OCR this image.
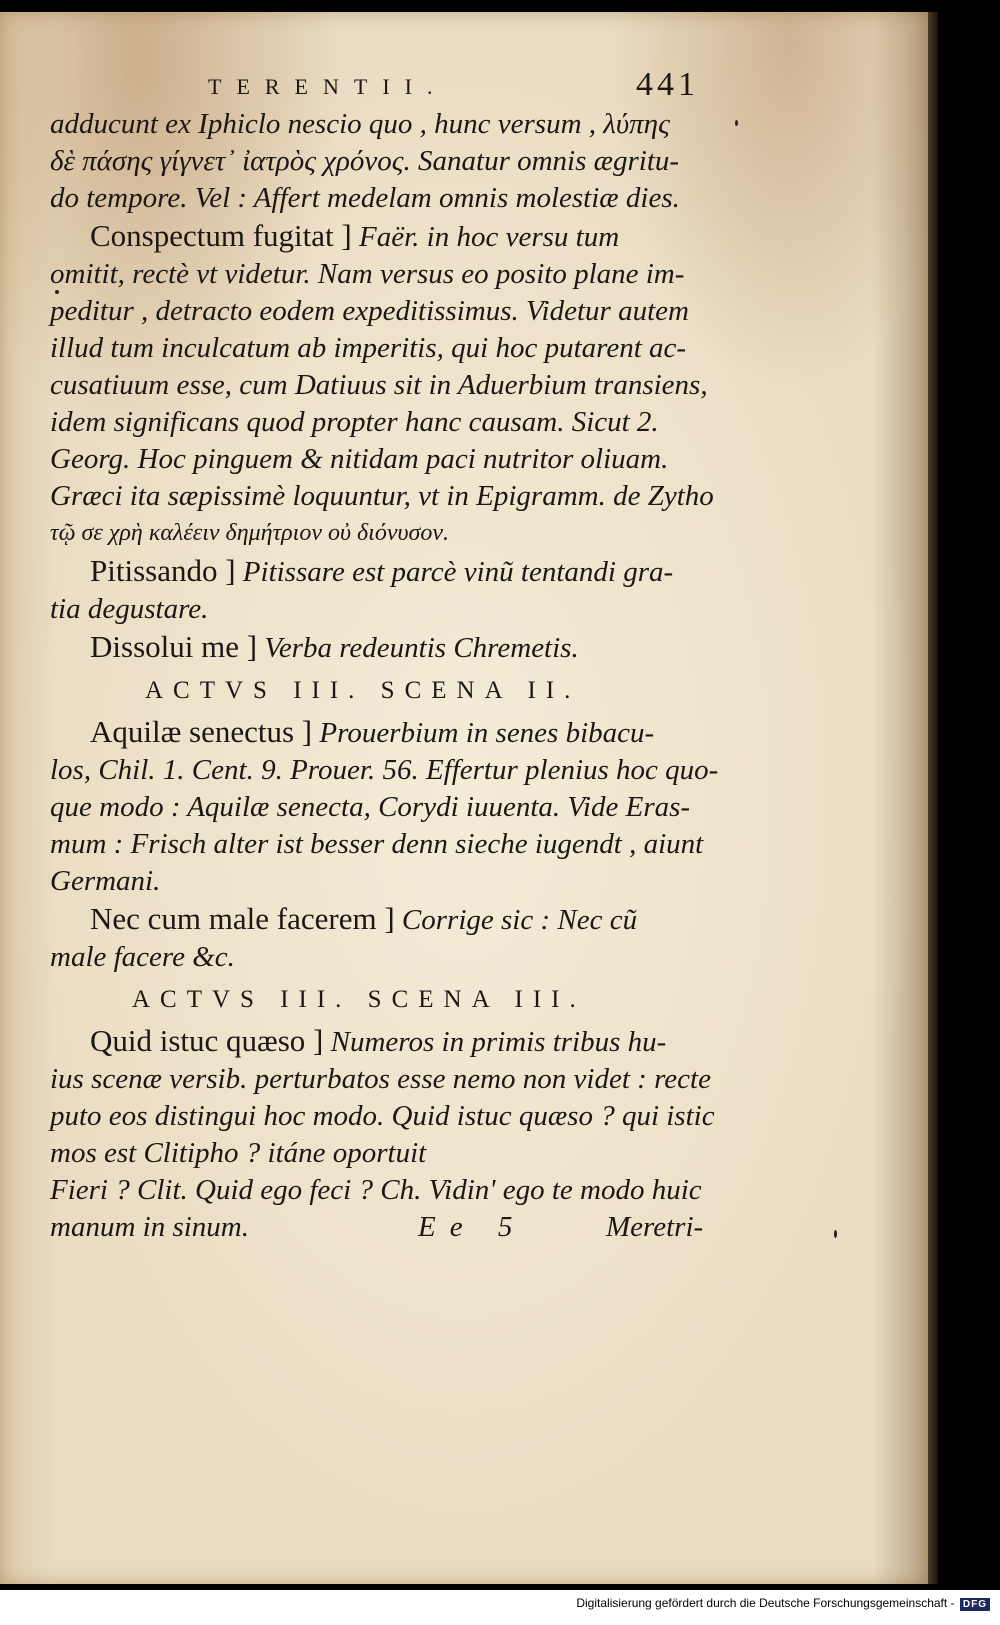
TERENTII.	441
adducunt ex Iphiclo nescio quo , hunc versum , λύπης
δὲ πάσης γίγνετ᾽ ἰατρὸς χρόνος. Sanatur omnis ægritu-
do tempore. Vel : Affert medelam omnis molestiæ dies.
Conspectum fugitat ] Faër. in hoc versu tum
omitit, rectè vt videtur. Nam versus eo posito plane im-
peditur , detracto eodem expeditissimus. Videtur autem
illud tum inculcatum ab imperitis, qui hoc putarent ac-
cusatiuum esse, cum Datiuus sit in Aduerbium transiens,
idem significans quod propter hanc causam. Sicut 2.
Georg. Hoc pinguem & nitidam paci nutritor oliuam.
Græci ita sæpissimè loquuntur, vt in Epigramm. de Zytho
τῷ σε χρὴ καλέειν δημήτριον οὐ διόνυσον.
Pitissando ] Pitissare est parcè vinũ tentandi gra-
tia degustare.
Dissolui me ] Verba redeuntis Chremetis.
ACTVS III. SCENA II.
Aquilæ senectus ] Prouerbium in senes bibacu-
los, Chil. 1. Cent. 9. Prouer. 56. Effertur plenius hoc quo-
que modo : Aquilæ senecta, Corydi iuuenta. Vide Eras-
mum : Frisch alter ist besser denn sieche iugendt , aiunt
Germani.
Nec cum male facerem ] Corrige sic : Nec cũ
male facere &c.
ACTVS III. SCENA III.
Quid istuc quæso ] Numeros in primis tribus hu-
ius scenæ versib. perturbatos esse nemo non videt : recte
puto eos distingui hoc modo. Quid istuc quæso ? qui istic
mos est Clitipho ? itáne oportuit
Fieri ? Clit. Quid ego feci ? Ch. Vidin' ego te modo huic
manum in sinum.	Ee 5	Meretri-
Digitalisierung gefördert durch die Deutsche Forschungsgemeinschaft - DFG
